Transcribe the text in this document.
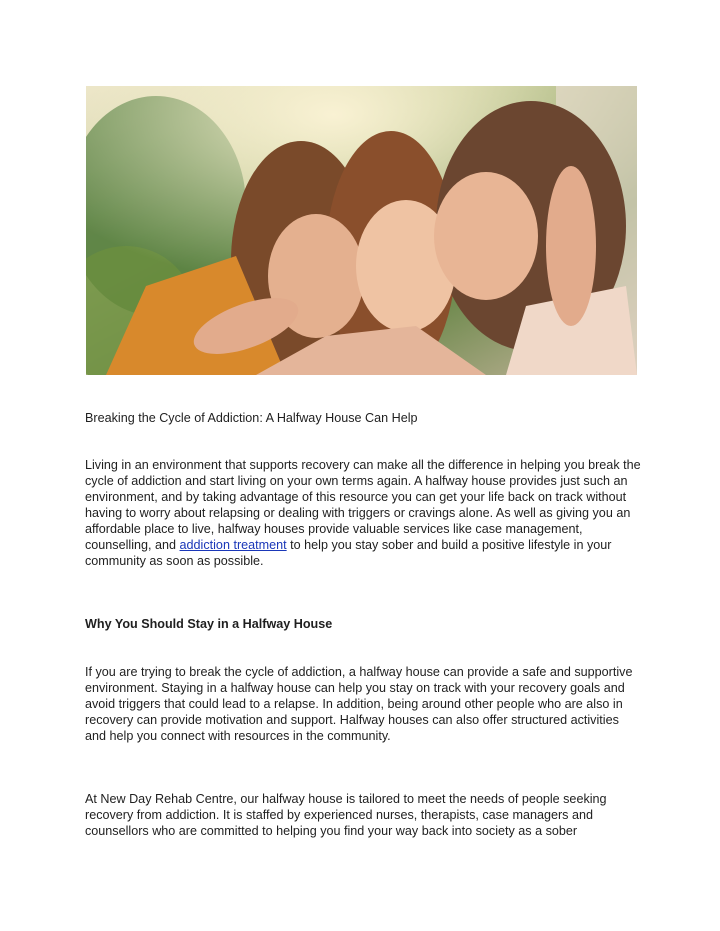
Breaking the Cycle of Addiction: A Halfway House Can Help

Living in an environment that supports recovery can make all the difference in helping you break the cycle of addiction and start living on your own terms again. A halfway house provides just such an environment, and by taking advantage of this resource you can get your life back on track without having to worry about relapsing or dealing with triggers or cravings alone. As well as giving you an affordable place to live, halfway houses provide valuable services like case management, counselling, and addiction treatment to help you stay sober and build a positive lifestyle in your community as soon as possible.

Why You Should Stay in a Halfway House

If you are trying to break the cycle of addiction, a halfway house can provide a safe and supportive environment. Staying in a halfway house can help you stay on track with your recovery goals and avoid triggers that could lead to a relapse. In addition, being around other people who are also in recovery can provide motivation and support. Halfway houses can also offer structured activities and help you connect with resources in the community.

At New Day Rehab Centre, our halfway house is tailored to meet the needs of people seeking recovery from addiction. It is staffed by experienced nurses, therapists, case managers and counsellors who are committed to helping you find your way back into society as a sober
